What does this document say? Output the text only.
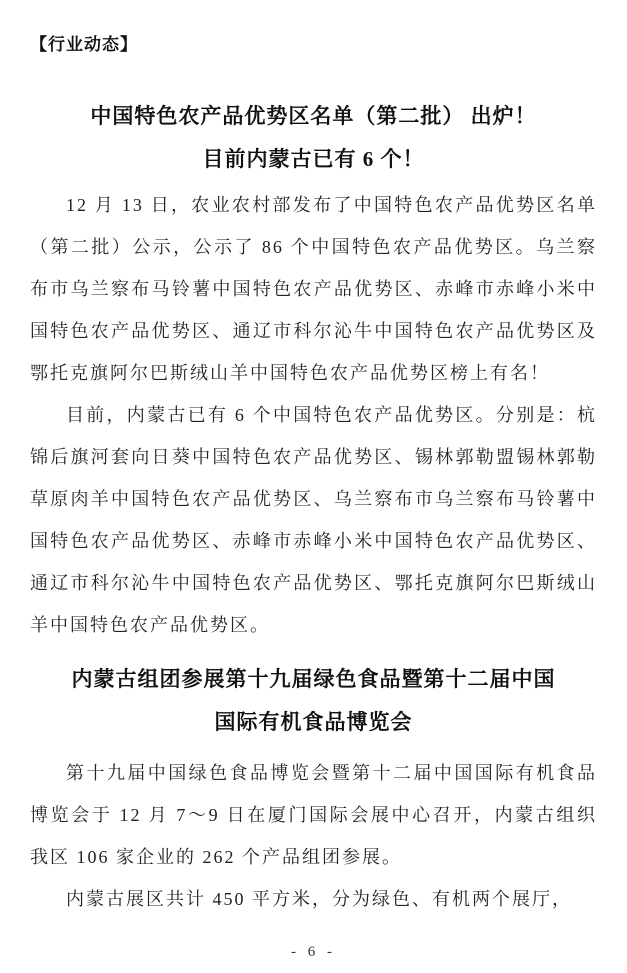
【行业动态】
中国特色农产品优势区名单（第二批） 出炉！
目前内蒙古已有 6 个！

12 月 13 日，农业农村部发布了中国特色农产品优势区名单（第二批）公示，公示了 86 个中国特色农产品优势区。乌兰察布市乌兰察布马铃薯中国特色农产品优势区、赤峰市赤峰小米中国特色农产品优势区、通辽市科尔沁牛中国特色农产品优势区及鄂托克旗阿尔巴斯绒山羊中国特色农产品优势区榜上有名！

目前，内蒙古已有 6 个中国特色农产品优势区。分别是：杭锦后旗河套向日葵中国特色农产品优势区、锡林郭勒盟锡林郭勒草原肉羊中国特色农产品优势区、乌兰察布市乌兰察布马铃薯中国特色农产品优势区、赤峰市赤峰小米中国特色农产品优势区、通辽市科尔沁牛中国特色农产品优势区、鄂托克旗阿尔巴斯绒山羊中国特色农产品优势区。

内蒙古组团参展第十九届绿色食品暨第十二届中国
国际有机食品博览会

第十九届中国绿色食品博览会暨第十二届中国国际有机食品博览会于 12 月 7～9 日在厦门国际会展中心召开，内蒙古组织我区 106 家企业的 262 个产品组团参展。

内蒙古展区共计 450 平方米，分为绿色、有机两个展厅，

- 6 -
